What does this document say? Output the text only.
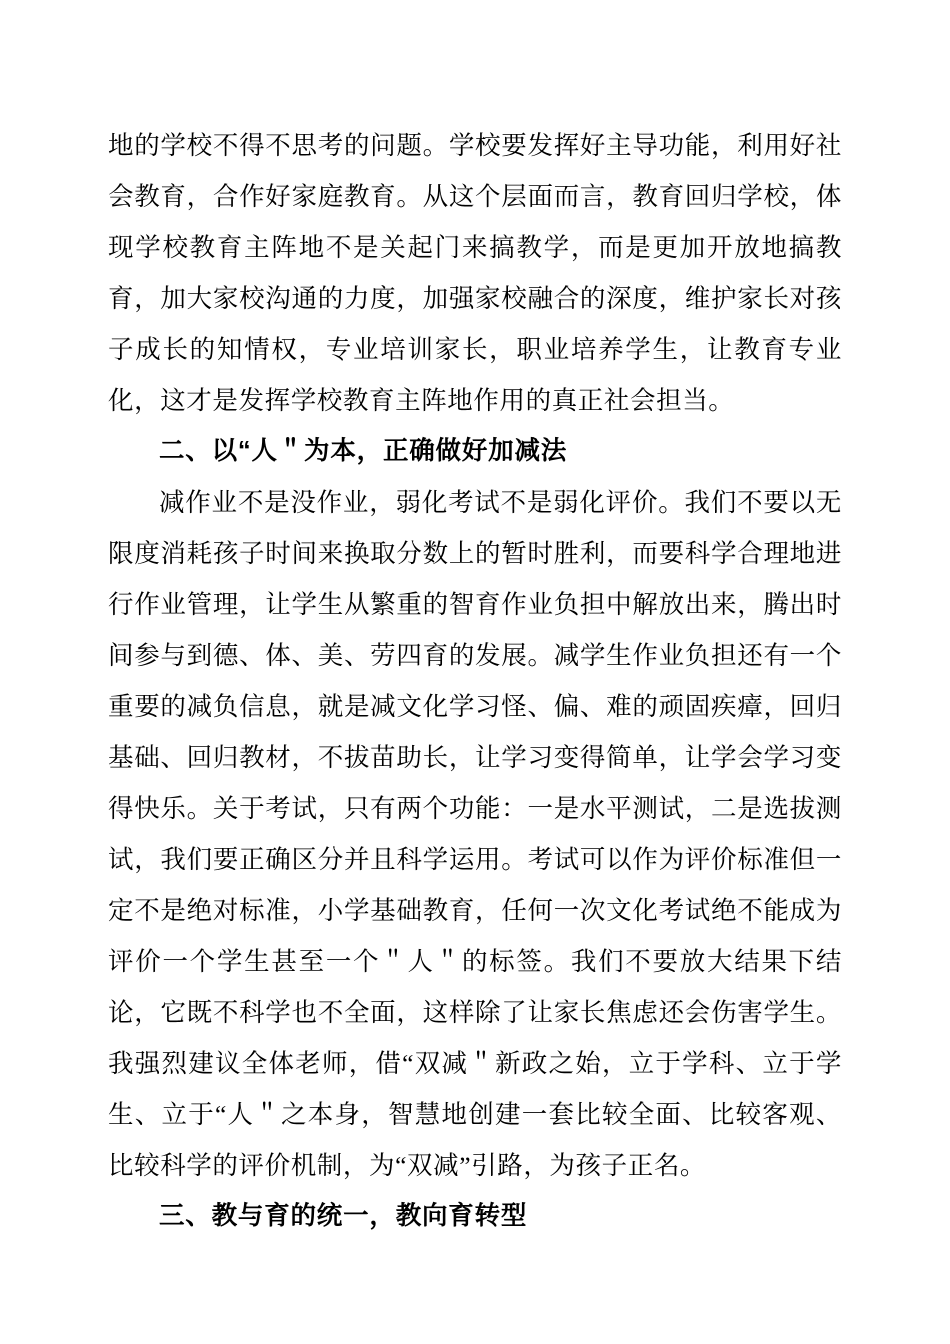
地的学校不得不思考的问题。学校要发挥好主导功能，利用好社会教育，合作好家庭教育。从这个层面而言，教育回归学校，体现学校教育主阵地不是关起门来搞教学，而是更加开放地搞教育，加大家校沟通的力度，加强家校融合的深度，维护家长对孩子成长的知情权，专业培训家长，职业培养学生，让教育专业化，这才是发挥学校教育主阵地作用的真正社会担当。

二、以“人＂为本，正确做好加减法

减作业不是没作业，弱化考试不是弱化评价。我们不要以无限度消耗孩子时间来换取分数上的暂时胜利，而要科学合理地进行作业管理，让学生从繁重的智育作业负担中解放出来，腾出时间参与到德、体、美、劳四育的发展。减学生作业负担还有一个重要的减负信息，就是减文化学习怪、偏、难的顽固疾瘴，回归基础、回归教材，不拔苗助长，让学习变得简单，让学会学习变得快乐。关于考试，只有两个功能：一是水平测试，二是选拔测试，我们要正确区分并且科学运用。考试可以作为评价标准但一定不是绝对标准，小学基础教育，任何一次文化考试绝不能成为评价一个学生甚至一个＂人＂的标签。我们不要放大结果下结论，它既不科学也不全面，这样除了让家长焦虑还会伤害学生。我强烈建议全体老师，借“双减＂新政之始，立于学科、立于学生、立于“人＂之本身，智慧地创建一套比较全面、比较客观、比较科学的评价机制，为“双减”引路，为孩子正名。

三、教与育的统一，教向育转型
